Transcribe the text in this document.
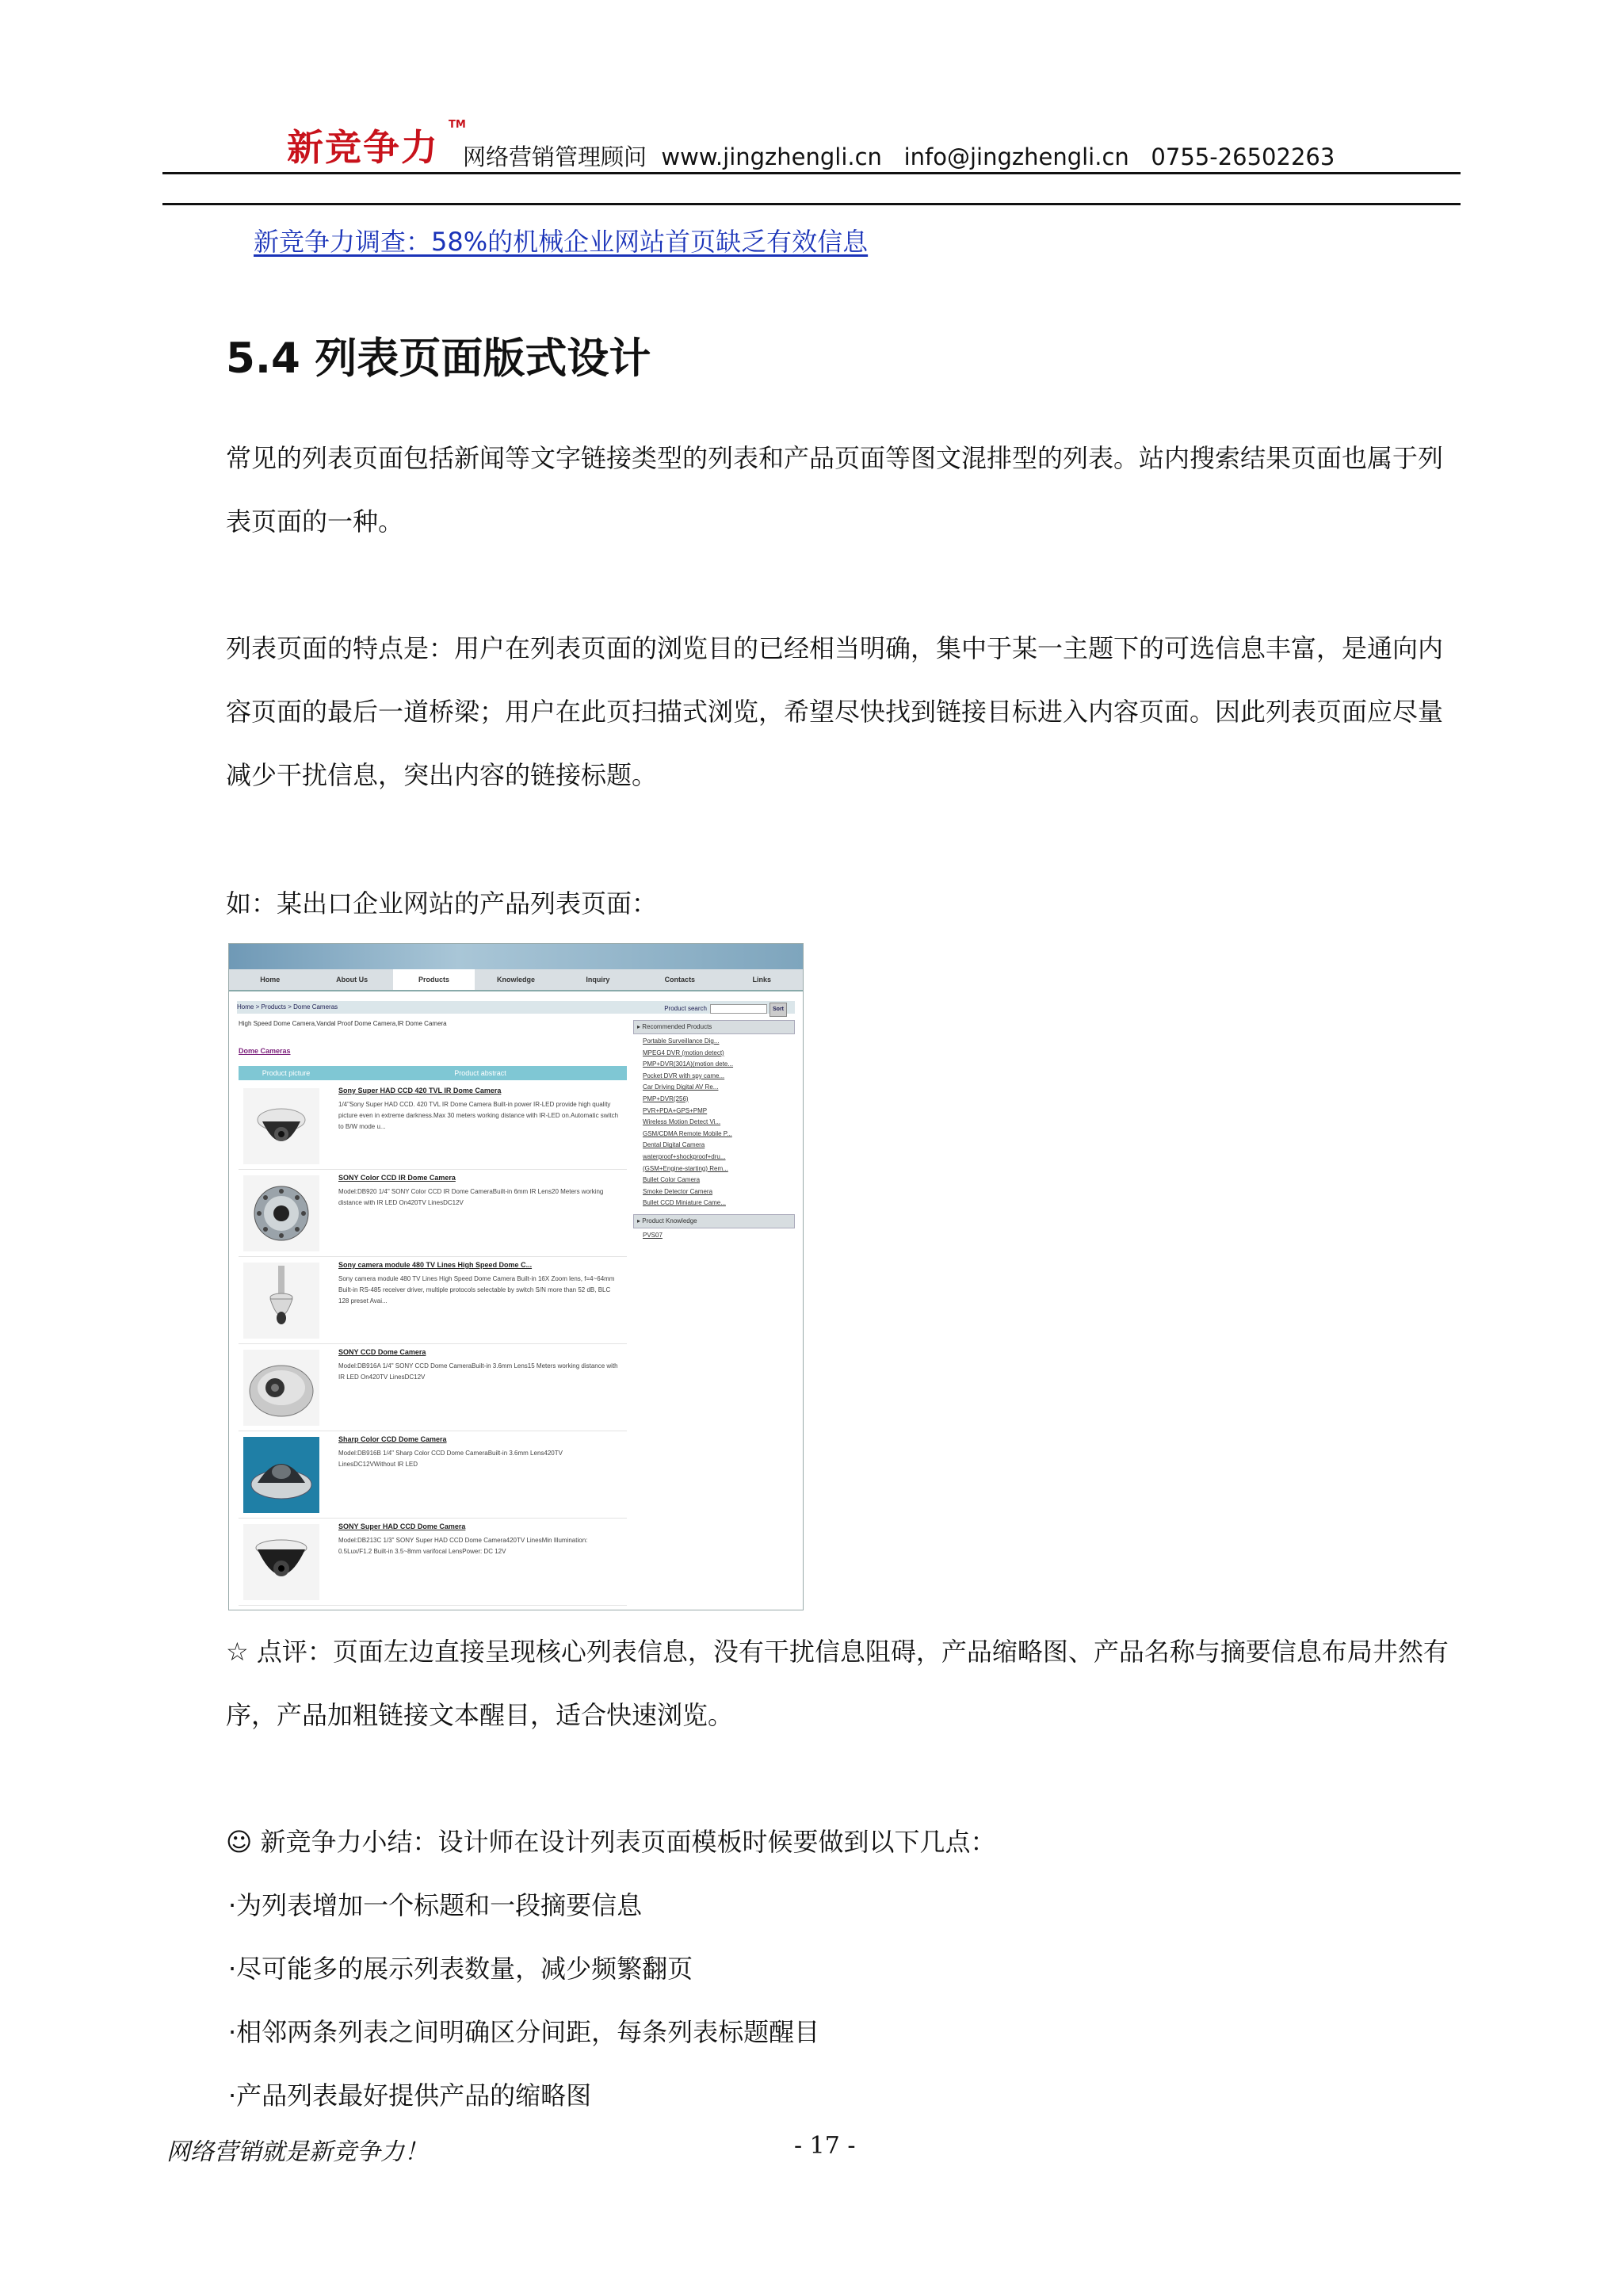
新竞争力
TM
网络营销管理顾问  www.jingzhengli.cn   info@jingzhengli.cn   0755-26502263
新竞争力调查：58%的机械企业网站首页缺乏有效信息
5.4 列表页面版式设计
常见的列表页面包括新闻等文字链接类型的列表和产品页面等图文混排型的列表。站内搜索结果页面也属于列表页面的一种。
列表页面的特点是：用户在列表页面的浏览目的已经相当明确，集中于某一主题下的可选信息丰富，是通向内容页面的最后一道桥梁；用户在此页扫描式浏览，希望尽快找到链接目标进入内容页面。因此列表页面应尽量减少干扰信息，突出内容的链接标题。
如：某出口企业网站的产品列表页面：
Home	About Us	Products	Knowledge	Inquiry	Contacts	Links
Home > Products > Dome Cameras	Product search	Sort
High Speed Dome Camera,Vandal Proof Dome Camera,IR Dome Camera
Dome Cameras
Product picture	Product abstract
Sony Super HAD CCD 420 TVL IR Dome Camera
1/4"Sony Super HAD CCD. 420 TVL IR Dome Camera Built-in power IR-LED provide high quality picture even in extreme darkness.Max 30 meters working distance with IR-LED on.Automatic switch to B/W mode u...
SONY Color CCD IR Dome Camera
Model:DB920 1/4" SONY Color CCD IR Dome CameraBuilt-in 6mm IR Lens20 Meters working distance with IR LED On420TV LinesDC12V
Sony camera module 480 TV Lines High Speed Dome C...
Sony camera module 480 TV Lines High Speed Dome Camera Built-in 16X Zoom lens, f=4~64mm Built-in RS-485 receiver driver, multiple protocols selectable by switch S/N more than 52 dB, BLC 128 preset Avai...
SONY CCD Dome Camera
Model:DB916A 1/4" SONY CCD Dome CameraBuilt-in 3.6mm Lens15 Meters working distance with IR LED On420TV LinesDC12V
Sharp Color CCD Dome Camera
Model:DB916B 1/4" Sharp Color CCD Dome CameraBuilt-in 3.6mm Lens420TV LinesDC12VWithout IR LED
SONY Super HAD CCD Dome Camera
Model:DB213C 1/3" SONY Super HAD CCD Dome Camera420TV LinesMin Illumination: 0.5Lux/F1.2 Built-in 3.5~8mm varifocal LensPower: DC 12V
▸ Recommended Products
Portable Surveillance Dig...
MPEG4 DVR (motion detect)
PMP+DVR(301A)(motion dete...
Pocket DVR with spy came...
Car Driving Digital AV Re...
PMP+DVR(256)
PVR+PDA+GPS+PMP
Wireless Motion Detect Vi...
GSM/CDMA Remote Mobile P...
Dental Digital Camera
waterproof+shockproof+dru...
(GSM+Engine-starting) Rem...
Bullet Color Camera
Smoke Detector Camera
Bullet CCD Miniature Came...
▸ Product Knowledge
PVS07
☆ 点评：页面左边直接呈现核心列表信息，没有干扰信息阻碍，产品缩略图、产品名称与摘要信息布局井然有序，产品加粗链接文本醒目，适合快速浏览。
☺ 新竞争力小结：设计师在设计列表页面模板时候要做到以下几点：
·为列表增加一个标题和一段摘要信息
·尽可能多的展示列表数量，减少频繁翻页
·相邻两条列表之间明确区分间距，每条列表标题醒目
·产品列表最好提供产品的缩略图
网络营销就是新竞争力！	- 17 -
